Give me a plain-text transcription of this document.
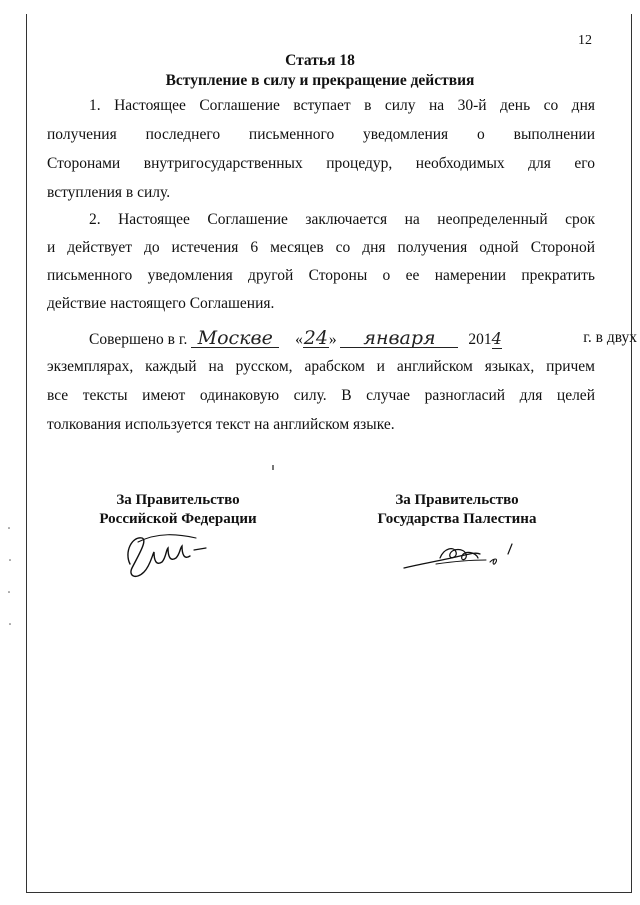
12
Статья 18
Вступление в силу и прекращение действия
1. Настоящее Соглашение вступает в силу на 30-й день со дня
получения последнего письменного уведомления о выполнении
Сторонами внутригосударственных процедур, необходимых для его
вступления в силу.
2. Настоящее Соглашение заключается на неопределенный срок
и действует до истечения 6 месяцев со дня получения одной Стороной
письменного уведомления другой Стороны о ее намерении прекратить
действие настоящего Соглашения.
Совершено в г. Москве «24» января 2014	г. в двух
экземплярах, каждый на русском, арабском и английском языках, причем
все тексты имеют одинаковую силу. В случае разногласий для целей
толкования используется текст на английском языке.
За Правительство
Российской Федерации
За Правительство
Государства Палестина
